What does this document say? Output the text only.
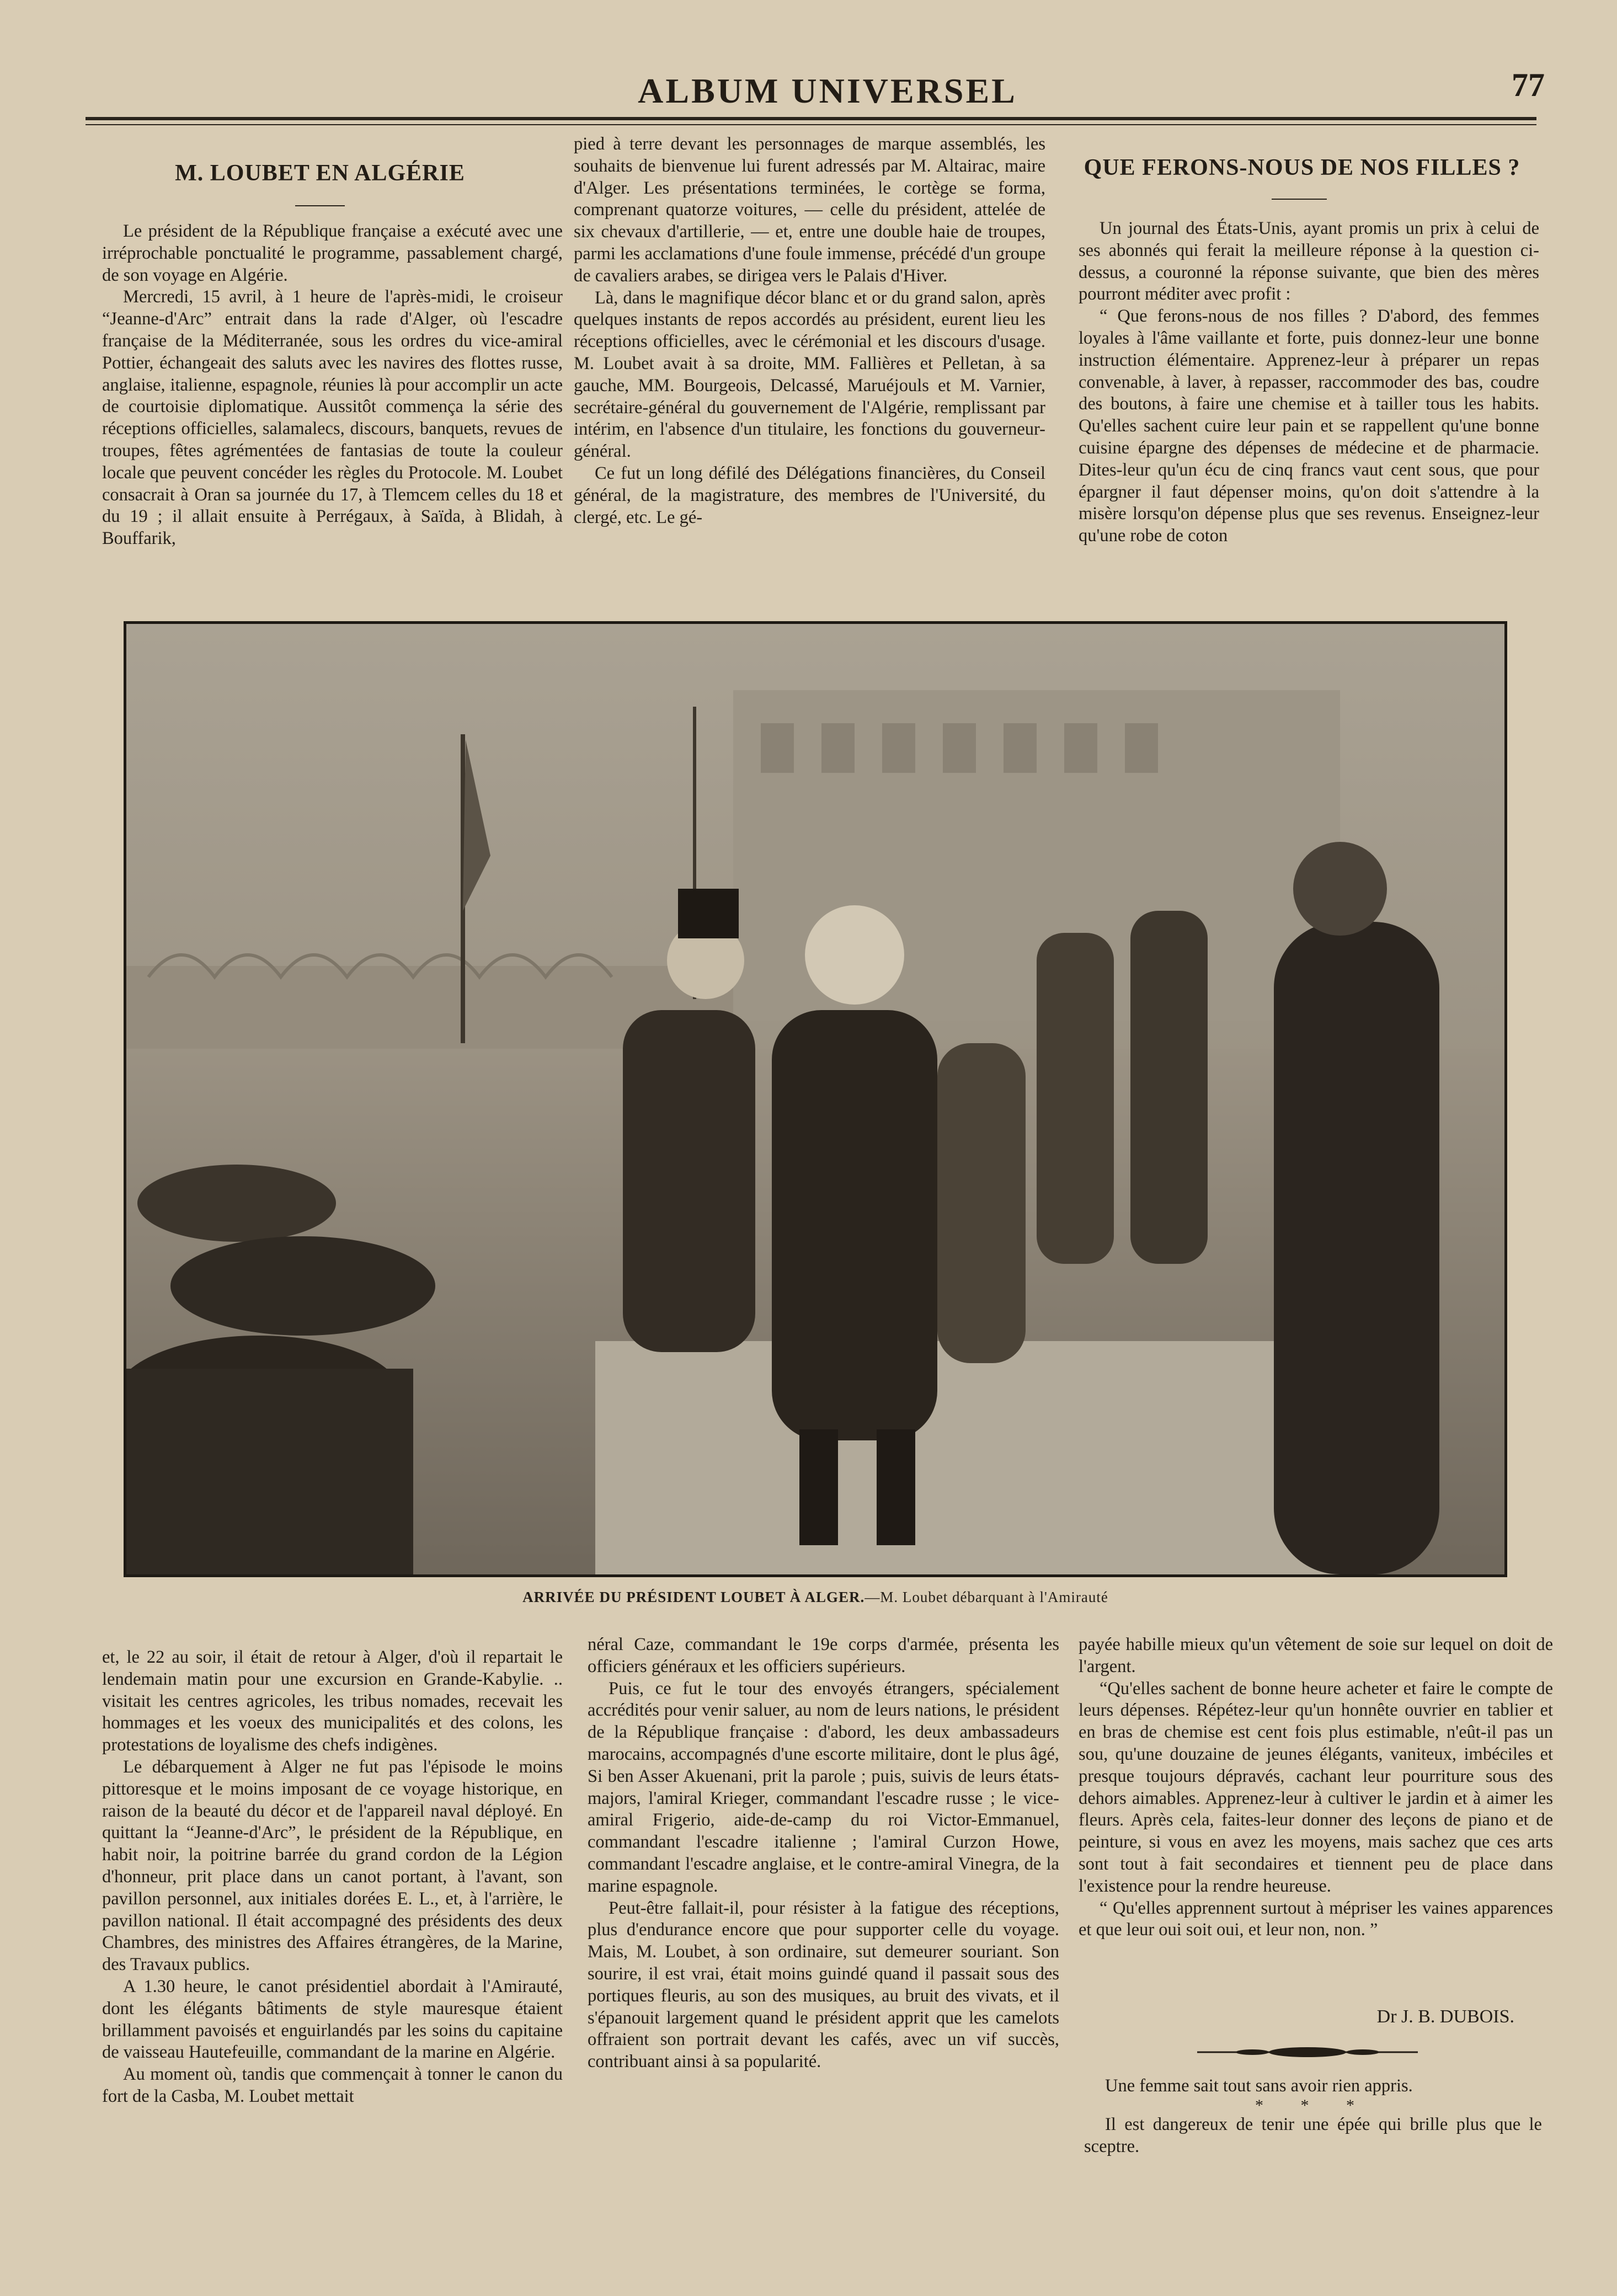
ALBUM UNIVERSEL	77
M. LOUBET EN ALGÉRIE

Le président de la République française a exécuté avec une irréprochable ponctualité le programme, passablement chargé, de son voyage en Algérie.

Mercredi, 15 avril, à 1 heure de l'après-midi, le croiseur “Jeanne-d'Arc” entrait dans la rade d'Alger, où l'escadre française de la Méditerranée, sous les ordres du vice-amiral Pottier, échangeait des saluts avec les navires des flottes russe, anglaise, italienne, espagnole, réunies là pour accomplir un acte de courtoisie diplomatique. Aussitôt commença la série des réceptions officielles, salamalecs, discours, banquets, revues de troupes, fêtes agrémentées de fantasias de toute la couleur locale que peuvent concéder les règles du Protocole. M. Loubet consacrait à Oran sa journée du 17, à Tlemcem celles du 18 et du 19 ; il allait ensuite à Perrégaux, à Saïda, à Blidah, à Bouffarik,

pied à terre devant les personnages de marque assemblés, les souhaits de bienvenue lui furent adressés par M. Altairac, maire d'Alger. Les présentations terminées, le cortège se forma, comprenant quatorze voitures, — celle du président, attelée de six chevaux d'artillerie, — et, entre une double haie de troupes, parmi les acclamations d'une foule immense, précédé d'un groupe de cavaliers arabes, se dirigea vers le Palais d'Hiver.

Là, dans le magnifique décor blanc et or du grand salon, après quelques instants de repos accordés au président, eurent lieu les réceptions officielles, avec le cérémonial et les discours d'usage. M. Loubet avait à sa droite, MM. Fallières et Pelletan, à sa gauche, MM. Bourgeois, Delcassé, Maruéjouls et M. Varnier, secrétaire-général du gouvernement de l'Algérie, remplissant par intérim, en l'absence d'un titulaire, les fonctions du gouverneur-général.

Ce fut un long défilé des Délégations financières, du Conseil général, de la magistrature, des membres de l'Université, du clergé, etc. Le gé-

QUE FERONS-NOUS DE NOS FILLES ?

Un journal des États-Unis, ayant promis un prix à celui de ses abonnés qui ferait la meilleure réponse à la question ci-dessus, a couronné la réponse suivante, que bien des mères pourront méditer avec profit :

“ Que ferons-nous de nos filles ? D'abord, des femmes loyales à l'âme vaillante et forte, puis donnez-leur une bonne instruction élémentaire. Apprenez-leur à préparer un repas convenable, à laver, à repasser, raccommoder des bas, coudre des boutons, à faire une chemise et à tailler tous les habits. Qu'elles sachent cuire leur pain et se rappellent qu'une bonne cuisine épargne des dépenses de médecine et de pharmacie. Dites-leur qu'un écu de cinq francs vaut cent sous, que pour épargner il faut dépenser moins, qu'on doit s'attendre à la misère lorsqu'on dépense plus que ses revenus. Enseignez-leur qu'une robe de coton

ARRIVÉE DU PRÉSIDENT LOUBET À ALGER.—M. Loubet débarquant à l'Amirauté

et, le 22 au soir, il était de retour à Alger, d'où il repartait le lendemain matin pour une excursion en Grande-Kabylie. .. visitait les centres agricoles, les tribus nomades, recevait les hommages et les voeux des municipalités et des colons, les protestations de loyalisme des chefs indigènes.

Le débarquement à Alger ne fut pas l'épisode le moins pittoresque et le moins imposant de ce voyage historique, en raison de la beauté du décor et de l'appareil naval déployé. En quittant la “Jeanne-d'Arc”, le président de la République, en habit noir, la poitrine barrée du grand cordon de la Légion d'honneur, prit place dans un canot portant, à l'avant, son pavillon personnel, aux initiales dorées E. L., et, à l'arrière, le pavillon national. Il était accompagné des présidents des deux Chambres, des ministres des Affaires étrangères, de la Marine, des Travaux publics.

A 1.30 heure, le canot présidentiel abordait à l'Amirauté, dont les élégants bâtiments de style mauresque étaient brillamment pavoisés et enguirlandés par les soins du capitaine de vaisseau Hautefeuille, commandant de la marine en Algérie.

Au moment où, tandis que commençait à tonner le canon du fort de la Casba, M. Loubet mettait

néral Caze, commandant le 19e corps d'armée, présenta les officiers généraux et les officiers supérieurs.

Puis, ce fut le tour des envoyés étrangers, spécialement accrédités pour venir saluer, au nom de leurs nations, le président de la République française : d'abord, les deux ambassadeurs marocains, accompagnés d'une escorte militaire, dont le plus âgé, Si ben Asser Akuenani, prit la parole ; puis, suivis de leurs états-majors, l'amiral Krieger, commandant l'escadre russe ; le vice-amiral Frigerio, aide-de-camp du roi Victor-Emmanuel, commandant l'escadre italienne ; l'amiral Curzon Howe, commandant l'escadre anglaise, et le contre-amiral Vinegra, de la marine espagnole.

Peut-être fallait-il, pour résister à la fatigue des réceptions, plus d'endurance encore que pour supporter celle du voyage. Mais, M. Loubet, à son ordinaire, sut demeurer souriant. Son sourire, il est vrai, était moins guindé quand il passait sous des portiques fleuris, au son des musiques, au bruit des vivats, et il s'épanouit largement quand le président apprit que les camelots offraient son portrait devant les cafés, avec un vif succès, contribuant ainsi à sa popularité.

payée habille mieux qu'un vêtement de soie sur lequel on doit de l'argent.

“Qu'elles sachent de bonne heure acheter et faire le compte de leurs dépenses. Répétez-leur qu'un honnête ouvrier en tablier et en bras de chemise est cent fois plus estimable, n'eût-il pas un sou, qu'une douzaine de jeunes élégants, vaniteux, imbéciles et presque toujours dépravés, cachant leur pourriture sous des dehors aimables. Apprenez-leur à cultiver le jardin et à aimer les fleurs. Après cela, faites-leur donner des leçons de piano et de peinture, si vous en avez les moyens, mais sachez que ces arts sont tout à fait secondaires et tiennent peu de place dans l'existence pour la rendre heureuse.

“ Qu'elles apprennent surtout à mépriser les vaines apparences et que leur oui soit oui, et leur non, non. ”

Dr J. B. DUBOIS.

Une femme sait tout sans avoir rien appris.

* * *

Il est dangereux de tenir une épée qui brille plus que le sceptre.
